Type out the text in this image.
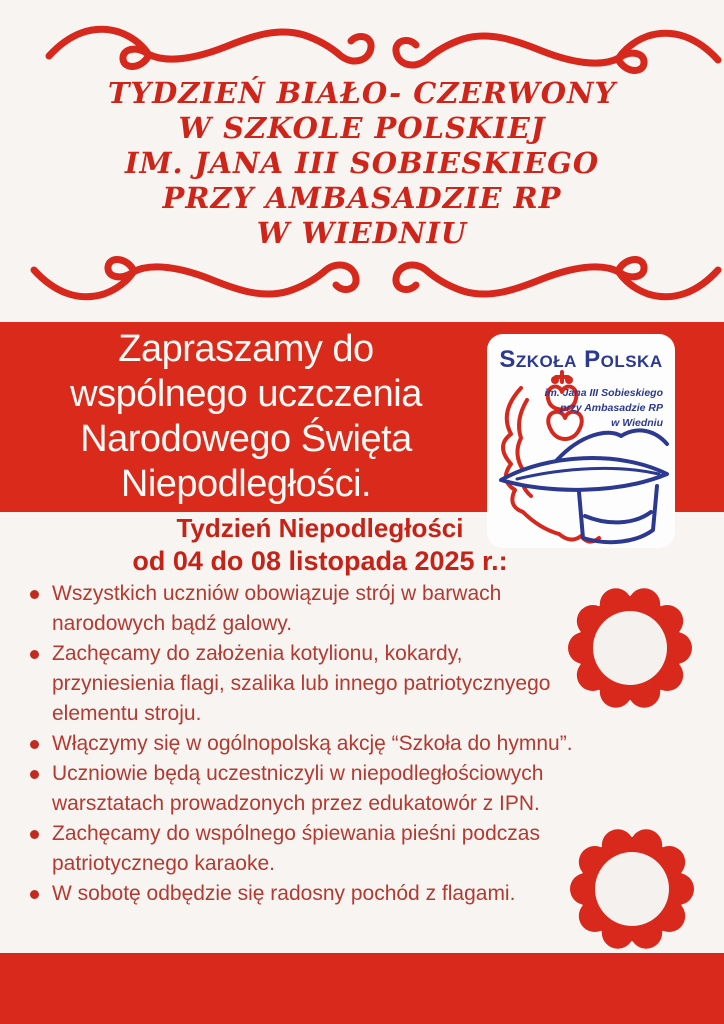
TYDZIEŃ BIAŁO- CZERWONY
W SZKOLE POLSKIEJ
IM. JANA III SOBIESKIEGO
PRZY AMBASADZIE RP
W WIEDNIU
Zapraszamy do
wspólnego uczczenia
Narodowego Święta
Niepodległości.
Szkoła Polska
im. Jana III Sobieskiego
przy Ambasadzie RP
w Wiedniu
Tydzień Niepodległości
od 04 do 08 listopada 2025 r.:
Wszystkich uczniów obowiązuje strój w barwach narodowych bądź galowy.
Zachęcamy do założenia kotylionu, kokardy, przyniesienia flagi, szalika lub innego patriotycznyego elementu stroju.
Włączymy się w ogólnopolską akcję “Szkoła do hymnu”.
Uczniowie będą uczestniczyli w niepodległościowych warsztatach prowadzonych przez edukatowór z IPN.
Zachęcamy do wspólnego śpiewania pieśni podczas patriotycznego karaoke.
W sobotę odbędzie się radosny pochód z flagami.
